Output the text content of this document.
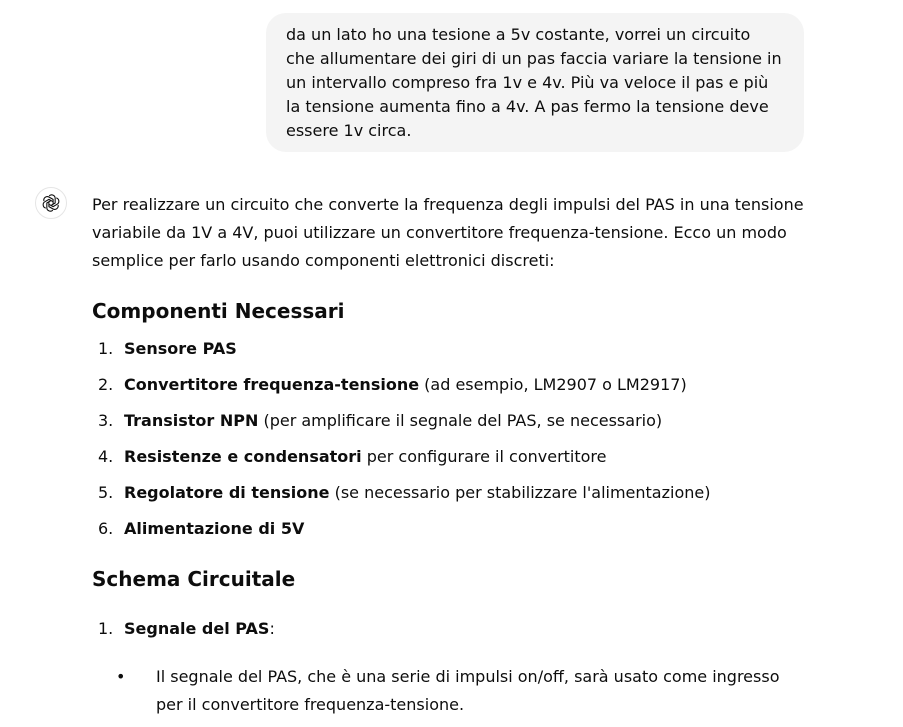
da un lato ho una tesione a 5v costante, vorrei un circuito
che allumentare dei giri di un pas faccia variare la tensione in
un intervallo compreso fra 1v e 4v. Più va veloce il pas e più
la tensione aumenta fino a 4v. A pas fermo la tensione deve
essere 1v circa.

Per realizzare un circuito che converte la frequenza degli impulsi del PAS in una tensione
variabile da 1V a 4V, puoi utilizzare un convertitore frequenza-tensione. Ecco un modo
semplice per farlo usando componenti elettronici discreti:

Componenti Necessari
1. Sensore PAS
2. Convertitore frequenza-tensione (ad esempio, LM2907 o LM2917)
3. Transistor NPN (per amplificare il segnale del PAS, se necessario)
4. Resistenze e condensatori per configurare il convertitore
5. Regolatore di tensione (se necessario per stabilizzare l'alimentazione)
6. Alimentazione di 5V
Schema Circuitale
1. Segnale del PAS:
•	Il segnale del PAS, che è una serie di impulsi on/off, sarà usato come ingresso
per il convertitore frequenza-tensione.
